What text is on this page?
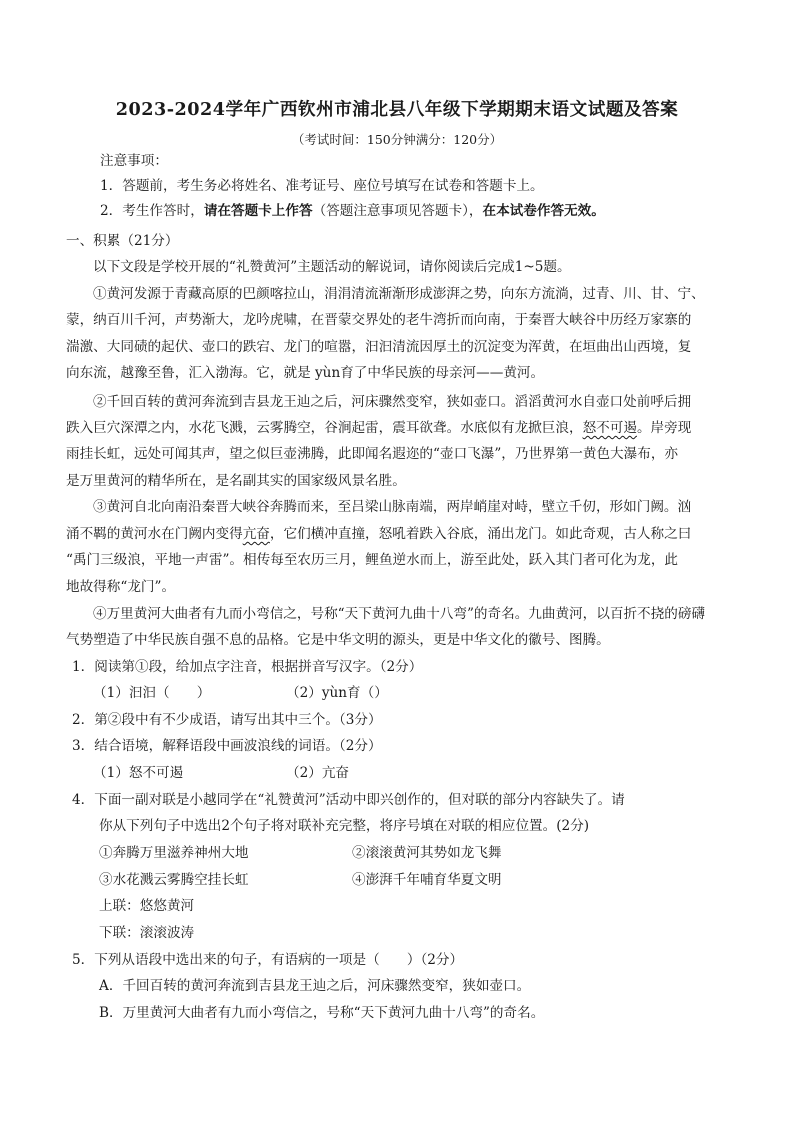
2023-2024学年广西钦州市浦北县八年级下学期期末语文试题及答案
（考试时间：150分钟满分：120分）
注意事项：
1．答题前，考生务必将姓名、准考证号、座位号填写在试卷和答题卡上。
2．考生作答时，请在答题卡上作答（答题注意事项见答题卡），在本试卷作答无效。
一、积累（21分）
以下文段是学校开展的“礼赞黄河”主题活动的解说词，请你阅读后完成1~5题。
①黄河发源于青藏高原的巴颜喀拉山，涓涓清流渐渐形成澎湃之势，向东方流淌，过青、川、甘、宁、
蒙，纳百川千河，声势渐大，龙吟虎啸，在晋蒙交界处的老牛湾折而向南，于秦晋大峡谷中历经万家寨的
湍激、大同碛的起伏、壶口的跌宕、龙门的喧嚣，汩汩清流因厚土的沉淀变为浑黄，在垣曲出山西境，复
向东流，越豫至鲁，汇入渤海。它，就是 yùn育了中华民族的母亲河——黄河。
②千回百转的黄河奔流到吉县龙王辿之后，河床骤然变窄，狭如壶口。滔滔黄河水自壶口处前呼后拥
跌入巨穴深潭之内，水花飞溅，云雾腾空，谷涧起雷，震耳欲聋。水底似有龙掀巨浪，怒不可遏。岸旁现
雨挂长虹，远处可闻其声，望之似巨壶沸腾，此即闻名遐迩的“壶口飞瀑”，乃世界第一黄色大瀑布，亦
是万里黄河的精华所在，是名副其实的国家级风景名胜。
③黄河自北向南沿秦晋大峡谷奔腾而来，至吕梁山脉南端，两岸峭崖对峙，壁立千仞，形如门阙。汹
涌不羁的黄河水在门阙内变得亢奋，它们横冲直撞，怒吼着跌入谷底，涌出龙门。如此奇观，古人称之曰
“禹门三级浪，平地一声雷”。相传每至农历三月，鲤鱼逆水而上，游至此处，跃入其门者可化为龙，此
地故得称“龙门”。
④万里黄河大曲者有九而小弯信之，号称“天下黄河九曲十八弯”的奇名。九曲黄河，以百折不挠的磅礴
气势塑造了中华民族自强不息的品格。它是中华文明的源头，更是中华文化的徽号、图腾。
1．阅读第①段，给加点字注音，根据拼音写汉字。（2分）
（1）汩汩（　　）	（2）yùn育（）
2．第②段中有不少成语，请写出其中三个。（3分）
3．结合语境，解释语段中画波浪线的词语。（2分）
（1）怒不可遏	（2）亢奋
4．下面一副对联是小越同学在“礼赞黄河”活动中即兴创作的，但对联的部分内容缺失了。请
你从下列句子中选出2个句子将对联补充完整，将序号填在对联的相应位置。(2分)
①奔腾万里滋养神州大地	②滚滚黄河其势如龙飞舞
③水花溅云雾腾空挂长虹	④澎湃千年哺育华夏文明
上联：悠悠黄河
下联：滚滚波涛
5．下列从语段中选出来的句子，有语病的一项是（　　）（2分）
A．千回百转的黄河奔流到吉县龙王辿之后，河床骤然变窄，狭如壶口。
B．万里黄河大曲者有九而小弯信之，号称“天下黄河九曲十八弯”的奇名。
